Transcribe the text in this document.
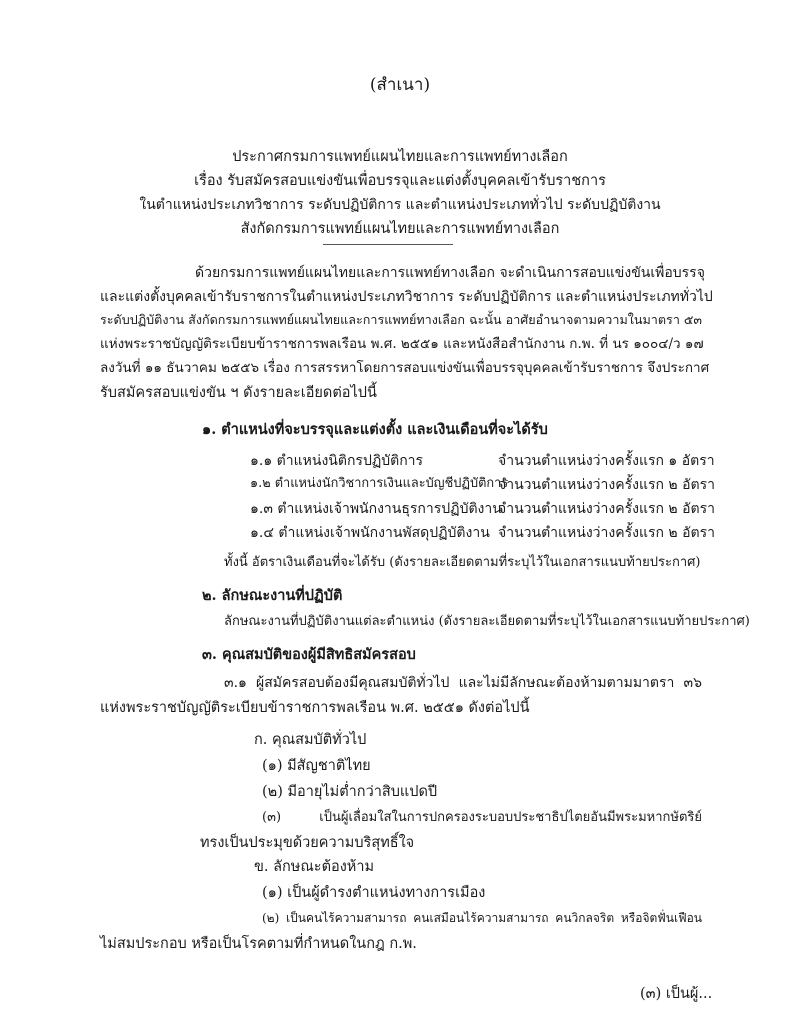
(สำเนา)
ประกาศกรมการแพทย์แผนไทยและการแพทย์ทางเลือก
เรื่อง รับสมัครสอบแข่งขันเพื่อบรรจุและแต่งตั้งบุคคลเข้ารับราชการ
ในตำแหน่งประเภทวิชาการ ระดับปฏิบัติการ และตำแหน่งประเภททั่วไป ระดับปฏิบัติงาน
สังกัดกรมการแพทย์แผนไทยและการแพทย์ทางเลือก
ด้วยกรมการแพทย์แผนไทยและการแพทย์ทางเลือก จะดำเนินการสอบแข่งขันเพื่อบรรจุ
และแต่งตั้งบุคคลเข้ารับราชการในตำแหน่งประเภทวิชาการ ระดับปฏิบัติการ และตำแหน่งประเภททั่วไป
ระดับปฏิบัติงาน สังกัดกรมการแพทย์แผนไทยและการแพทย์ทางเลือก ฉะนั้น อาศัยอำนาจตามความในมาตรา ๕๓
แห่งพระราชบัญญัติระเบียบข้าราชการพลเรือน พ.ศ. ๒๕๕๑ และหนังสือสำนักงาน ก.พ. ที่ นร ๑๐๐๔/ว ๑๗
ลงวันที่ ๑๑ ธันวาคม ๒๕๕๖ เรื่อง การสรรหาโดยการสอบแข่งขันเพื่อบรรจุบุคคลเข้ารับราชการ จึงประกาศ
รับสมัครสอบแข่งขัน ฯ ดังรายละเอียดต่อไปนี้
๑. ตำแหน่งที่จะบรรจุและแต่งตั้ง และเงินเดือนที่จะได้รับ
๑.๑ ตำแหน่งนิติกรปฏิบัติการ	จำนวนตำแหน่งว่างครั้งแรก ๑ อัตรา
๑.๒ ตำแหน่งนักวิชาการเงินและบัญชีปฏิบัติการ
จำนวนตำแหน่งว่างครั้งแรก ๒ อัตรา
๑.๓ ตำแหน่งเจ้าพนักงานธุรการปฏิบัติงาน
จำนวนตำแหน่งว่างครั้งแรก ๒ อัตรา
๑.๔ ตำแหน่งเจ้าพนักงานพัสดุปฏิบัติงาน จำนวนตำแหน่งว่างครั้งแรก ๒ อัตรา
ทั้งนี้ อัตราเงินเดือนที่จะได้รับ (ดังรายละเอียดตามที่ระบุไว้ในเอกสารแนบท้ายประกาศ)
๒. ลักษณะงานที่ปฏิบัติ
ลักษณะงานที่ปฏิบัติงานแต่ละตำแหน่ง (ดังรายละเอียดตามที่ระบุไว้ในเอกสารแนบท้ายประกาศ)
๓. คุณสมบัติของผู้มีสิทธิสมัครสอบ
๓.๑ ผู้สมัครสอบต้องมีคุณสมบัติทั่วไป และไม่มีลักษณะต้องห้ามตามมาตรา ๓๖
แห่งพระราชบัญญัติระเบียบข้าราชการพลเรือน พ.ศ. ๒๕๕๑ ดังต่อไปนี้
ก. คุณสมบัติทั่วไป
(๑) มีสัญชาติไทย
(๒) มีอายุไม่ต่ำกว่าสิบแปดปี
(๓) เป็นผู้เลื่อมใสในการปกครองระบอบประชาธิปไตยอันมีพระมหากษัตริย์
ทรงเป็นประมุขด้วยความบริสุทธิ์ใจ
ข. ลักษณะต้องห้าม
(๑) เป็นผู้ดำรงตำแหน่งทางการเมือง
(๒) เป็นคนไร้ความสามารถ คนเสมือนไร้ความสามารถ คนวิกลจริต หรือจิตฟั่นเฟือน
ไม่สมประกอบ หรือเป็นโรคตามที่กำหนดในกฎ ก.พ.
(๓) เป็นผู้...
